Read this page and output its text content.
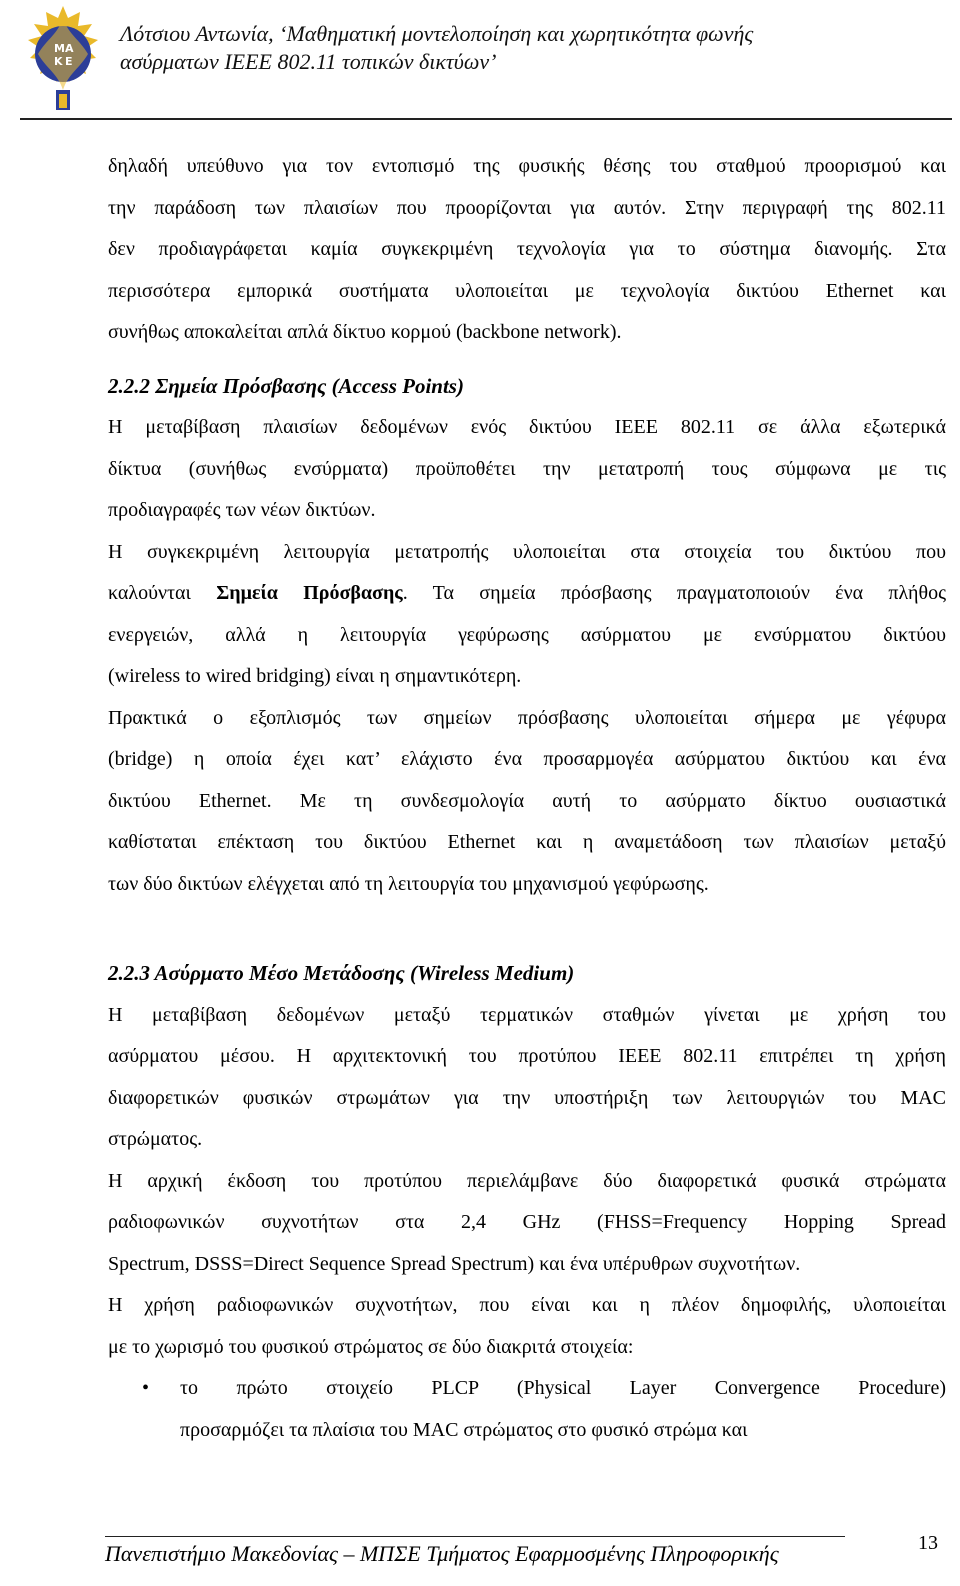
Μ Α
Κ Ε
Λότσιου Αντωνία, ‘Μαθηματική μοντελοποίηση και χωρητικότητα φωνής
ασύρματων IEEE 802.11 τοπικών δικτύων’

δηλαδή υπεύθυνο για τον εντοπισμό της φυσικής θέσης του σταθμού προορισμού και
την παράδοση των πλαισίων που προορίζονται για αυτόν. Στην περιγραφή της 802.11
δεν προδιαγράφεται καμία συγκεκριμένη τεχνολογία για το σύστημα διανομής. Στα
περισσότερα εμπορικά συστήματα υλοποιείται με τεχνολογία δικτύου Ethernet και
συνήθως αποκαλείται απλά δίκτυο κορμού (backbone network).

2.2.2 Σημεία Πρόσβασης (Access Points)

Η μεταβίβαση πλαισίων δεδομένων ενός δικτύου IEEE 802.11 σε άλλα εξωτερικά
δίκτυα (συνήθως ενσύρματα) προϋποθέτει την μετατροπή τους σύμφωνα με τις
προδιαγραφές των νέων δικτύων.

Η συγκεκριμένη λειτουργία μετατροπής υλοποιείται στα στοιχεία του δικτύου που
καλούνται Σημεία Πρόσβασης. Τα σημεία πρόσβασης πραγματοποιούν ένα πλήθος
ενεργειών, αλλά η λειτουργία γεφύρωσης ασύρματου με ενσύρματου δικτύου
(wireless to wired bridging) είναι η σημαντικότερη.

Πρακτικά ο εξοπλισμός των σημείων πρόσβασης υλοποιείται σήμερα με γέφυρα
(bridge) η οποία έχει κατ’ ελάχιστο ένα προσαρμογέα ασύρματου δικτύου και ένα
δικτύου Ethernet. Με τη συνδεσμολογία αυτή το ασύρματο δίκτυο ουσιαστικά
καθίσταται επέκταση του δικτύου Ethernet και η αναμετάδοση των πλαισίων μεταξύ
των δύο δικτύων ελέγχεται από τη λειτουργία του μηχανισμού γεφύρωσης.

2.2.3 Ασύρματο Μέσο Μετάδοσης (Wireless Medium)

Η μεταβίβαση δεδομένων μεταξύ τερματικών σταθμών γίνεται με χρήση του
ασύρματου μέσου. Η αρχιτεκτονική του προτύπου IEEE 802.11 επιτρέπει τη χρήση
διαφορετικών φυσικών στρωμάτων για την υποστήριξη των λειτουργιών του MAC
στρώματος.

Η αρχική έκδοση του προτύπου περιελάμβανε δύο διαφορετικά φυσικά στρώματα
ραδιοφωνικών συχνοτήτων στα 2,4 GHz (FHSS=Frequency Hopping Spread
Spectrum, DSSS=Direct Sequence Spread Spectrum) και ένα υπέρυθρων συχνοτήτων.

Η χρήση ραδιοφωνικών συχνοτήτων, που είναι και η πλέον δημοφιλής, υλοποιείται
με το χωρισμό του φυσικού στρώματος σε δύο διακριτά στοιχεία:

• το πρώτο στοιχείο PLCP (Physical Layer Convergence Procedure)
προσαρμόζει τα πλαίσια του MAC στρώματος στο φυσικό στρώμα και
Πανεπιστήμιο Μακεδονίας – ΜΠΣΕ Τμήματος Εφαρμοσμένης Πληροφορικής	13
